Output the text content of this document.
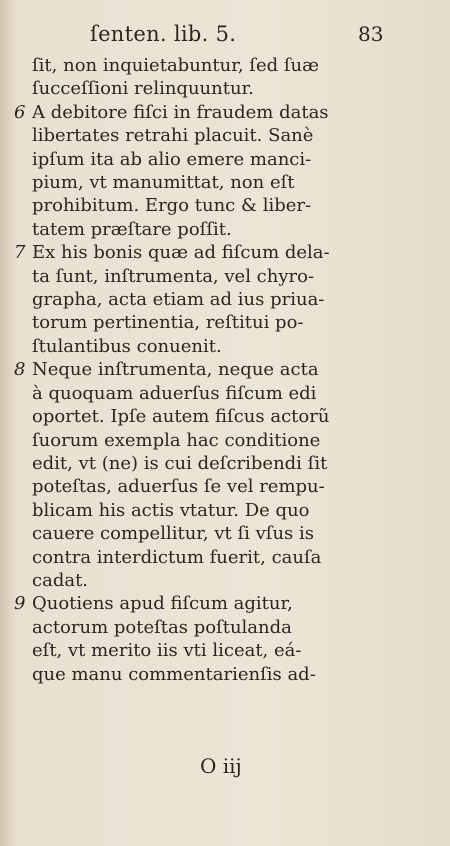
ſenten. lib. 5.	83
ſit, non inquietabuntur, ſed ſuæ
ſucceſſioni relinquuntur.
6 A debitore fiſci in fraudem datas
libertates retrahi placuit. Sanè
ipſum ita ab alio emere manci-
pium, vt manumittat, non eſt
prohibitum. Ergo tunc & liber-
tatem præſtare poſſit.
7 Ex his bonis quæ ad fiſcum dela-
ta ſunt, inſtrumenta, vel chyro-
grapha, acta etiam ad ius priua-
torum pertinentia, reſtitui po-
ſtulantibus conuenit.
8 Neque inſtrumenta, neque acta
à quoquam aduerſus fiſcum edi
oportet. Ipſe autem fiſcus actorũ
ſuorum exempla hac conditione
edit, vt (ne) is cui deſcribendi ſit
poteſtas, aduerſus ſe vel rempu-
blicam his actis vtatur. De quo
cauere compellitur, vt ſi vſus is
contra interdictum fuerit, cauſa
cadat.
9 Quotiens apud fiſcum agitur,
actorum poteſtas poſtulanda
eſt, vt merito iis vti liceat, eá-
que manu commentarienſis ad-
O iij
